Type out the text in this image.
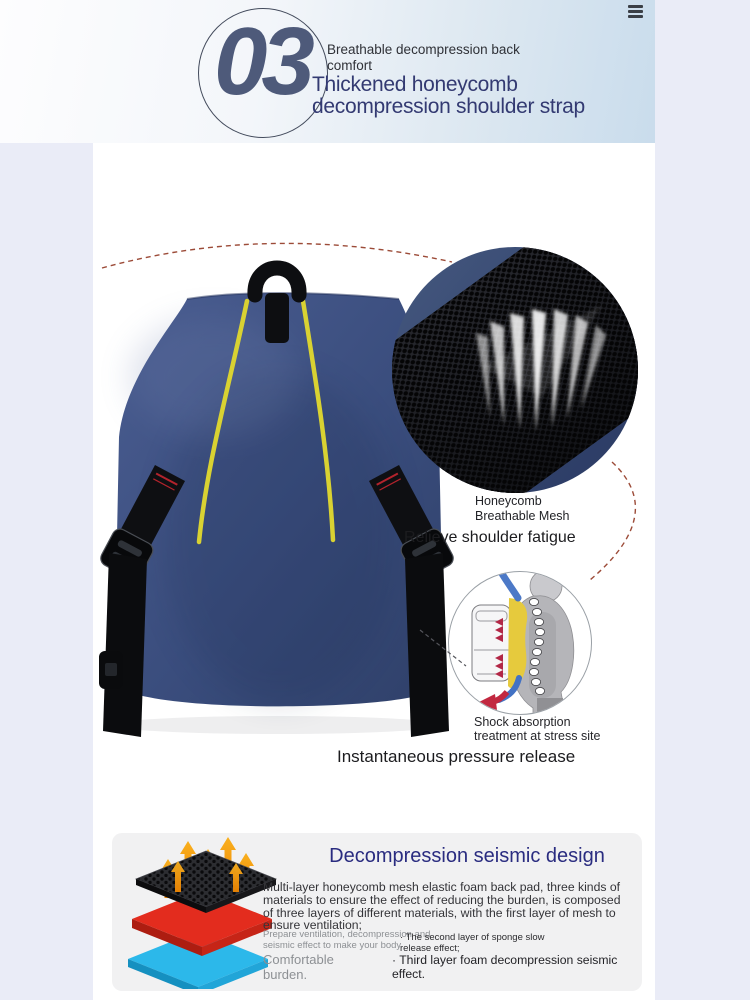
03 Breathable decompression back comfort
Thickened honeycomb
decompression shoulder strap
Honeycomb
Breathable Mesh
Relieve shoulder fatigue
Shock absorption
treatment at stress site
Instantaneous pressure release
Decompression seismic design
Multi-layer honeycomb mesh elastic foam back pad, three kinds of materials to ensure the effect of reducing the burden, is composed of three layers of different materials, with the first layer of mesh to ensure ventilation;
Prepare ventilation, decompression and seismic effect to make your body
Comfortable burden.
· The second layer of sponge slow release effect;
· Third layer foam decompression seismic effect.
